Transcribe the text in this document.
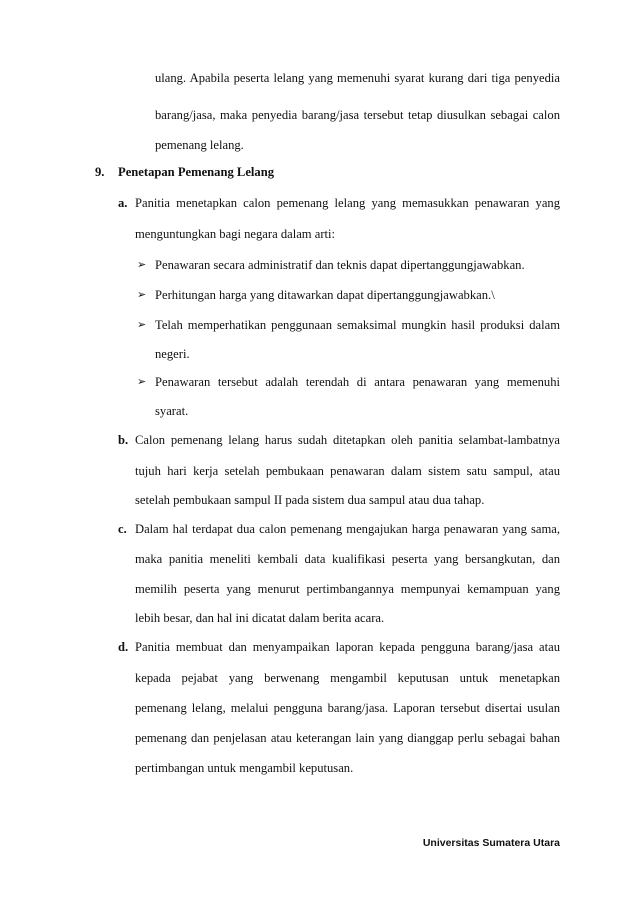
ulang. Apabila peserta lelang yang memenuhi syarat kurang dari tiga penyedia
barang/jasa, maka penyedia barang/jasa tersebut tetap diusulkan sebagai calon
pemenang lelang.
9. Penetapan Pemenang Lelang
a. Panitia menetapkan calon pemenang lelang yang memasukkan penawaran yang
menguntungkan bagi negara dalam arti:
➢ Penawaran secara administratif dan teknis dapat dipertanggungjawabkan.
➢ Perhitungan harga yang ditawarkan dapat dipertanggungjawabkan.\
➢ Telah memperhatikan penggunaan semaksimal mungkin hasil produksi dalam
negeri.
➢ Penawaran tersebut adalah terendah di antara penawaran yang memenuhi
syarat.
b. Calon pemenang lelang harus sudah ditetapkan oleh panitia selambat-lambatnya
tujuh hari kerja setelah pembukaan penawaran dalam sistem satu sampul, atau
setelah pembukaan sampul II pada sistem dua sampul atau dua tahap.
c. Dalam hal terdapat dua calon pemenang mengajukan harga penawaran yang sama,
maka panitia meneliti kembali data kualifikasi peserta yang bersangkutan, dan
memilih peserta yang menurut pertimbangannya mempunyai kemampuan yang
lebih besar, dan hal ini dicatat dalam berita acara.
d. Panitia membuat dan menyampaikan laporan kepada pengguna barang/jasa atau
kepada pejabat yang berwenang mengambil keputusan untuk menetapkan
pemenang lelang, melalui pengguna barang/jasa. Laporan tersebut disertai usulan
pemenang dan penjelasan atau keterangan lain yang dianggap perlu sebagai bahan
pertimbangan untuk mengambil keputusan.
Universitas Sumatera Utara
